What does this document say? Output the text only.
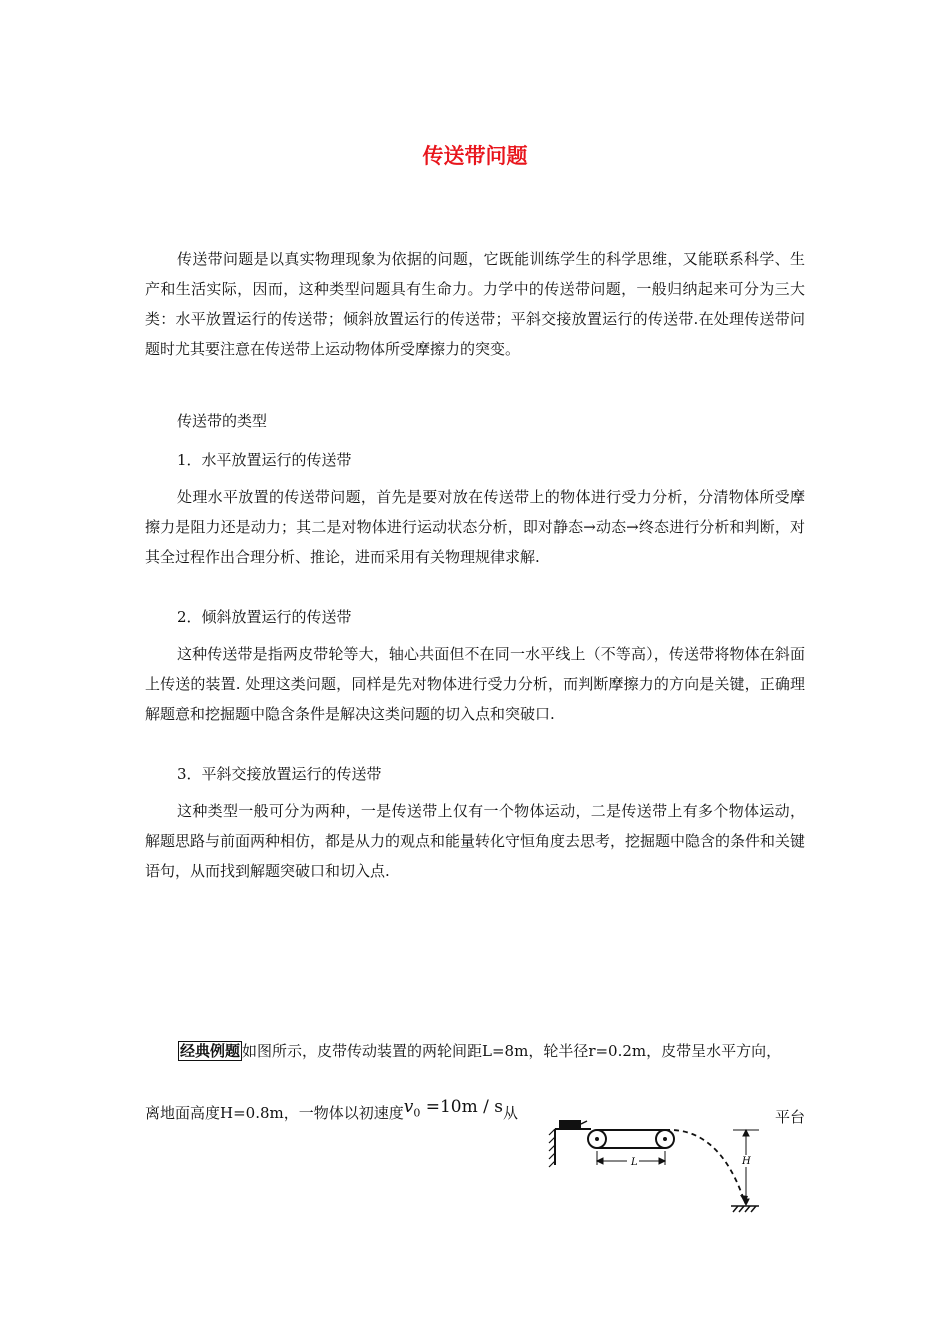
传送带问题

传送带问题是以真实物理现象为依据的问题，它既能训练学生的科学思维，又能联系科学、生产和生活实际，因而，这种类型问题具有生命力。力学中的传送带问题，一般归纳起来可分为三大类：水平放置运行的传送带；倾斜放置运行的传送带；平斜交接放置运行的传送带.在处理传送带问题时尤其要注意在传送带上运动物体所受摩擦力的突变。

传送带的类型

1．水平放置运行的传送带

处理水平放置的传送带问题，首先是要对放在传送带上的物体进行受力分析，分清物体所受摩擦力是阻力还是动力；其二是对物体进行运动状态分析，即对静态→动态→终态进行分析和判断，对其全过程作出合理分析、推论，进而采用有关物理规律求解.

2．倾斜放置运行的传送带

这种传送带是指两皮带轮等大，轴心共面但不在同一水平线上（不等高），传送带将物体在斜面上传送的装置. 处理这类问题，同样是先对物体进行受力分析，而判断摩擦力的方向是关键，正确理解题意和挖掘题中隐含条件是解决这类问题的切入点和突破口.

3．平斜交接放置运行的传送带

这种类型一般可分为两种，一是传送带上仅有一个物体运动，二是传送带上有多个物体运动，解题思路与前面两种相仿，都是从力的观点和能量转化守恒角度去思考，挖掘题中隐含的条件和关键语句，从而找到解题突破口和切入点.

经典例题 如图所示，皮带传动装置的两轮间距L=8m，轮半径r=0.2m，皮带呈水平方向，

离地面高度H=0.8m，一物体以初速度$v_0 =10m / s$从	平台

L	H
